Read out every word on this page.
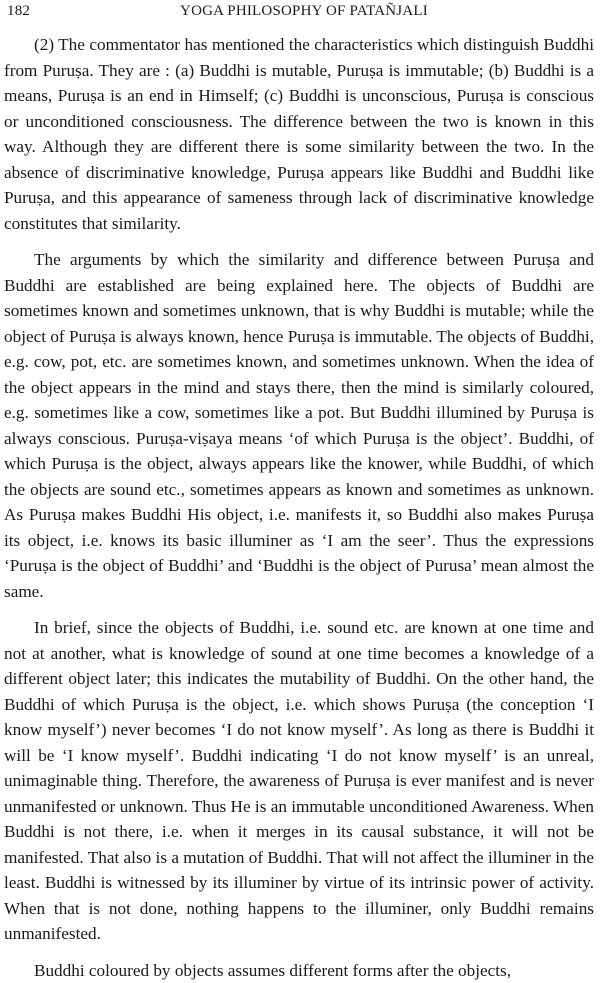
182	YOGA PHILOSOPHY OF PATAÑJALI

(2) The commentator has mentioned the characteristics which distinguish Buddhi from Puruṣa. They are : (a) Buddhi is mutable, Puruṣa is immutable; (b) Buddhi is a means, Puruṣa is an end in Himself; (c) Buddhi is unconscious, Puruṣa is conscious or unconditioned consciousness. The difference between the two is known in this way. Although they are different there is some similarity between the two. In the absence of discriminative knowledge, Puruṣa appears like Buddhi and Buddhi like Puruṣa, and this appearance of sameness through lack of discriminative knowledge constitutes that similarity.

The arguments by which the similarity and difference between Puruṣa and Buddhi are established are being explained here. The objects of Buddhi are sometimes known and sometimes unknown, that is why Buddhi is mutable; while the object of Puruṣa is always known, hence Puruṣa is immutable. The objects of Buddhi, e.g. cow, pot, etc. are sometimes known, and sometimes unknown. When the idea of the object appears in the mind and stays there, then the mind is similarly coloured, e.g. sometimes like a cow, sometimes like a pot. But Buddhi illumined by Puruṣa is always conscious. Puruṣa-viṣaya means ‘of which Puruṣa is the object’. Buddhi, of which Puruṣa is the object, always appears like the knower, while Buddhi, of which the objects are sound etc., sometimes appears as known and sometimes as unknown. As Puruṣa makes Buddhi His object, i.e. manifests it, so Buddhi also makes Puruṣa its object, i.e. knows its basic illuminer as ‘I am the seer’. Thus the expressions ‘Puruṣa is the object of Buddhi’ and ‘Buddhi is the object of Purusa’ mean almost the same.

In brief, since the objects of Buddhi, i.e. sound etc. are known at one time and not at another, what is knowledge of sound at one time becomes a knowledge of a different object later; this indicates the mutability of Buddhi. On the other hand, the Buddhi of which Puruṣa is the object, i.e. which shows Puruṣa (the conception ‘I know myself’) never becomes ‘I do not know myself’. As long as there is Buddhi it will be ‘I know myself’. Buddhi indicating ‘I do not know myself’ is an unreal, unimaginable thing. Therefore, the awareness of Puruṣa is ever manifest and is never unmanifested or unknown. Thus He is an immutable unconditioned Awareness. When Buddhi is not there, i.e. when it merges in its causal substance, it will not be manifested. That also is a mutation of Buddhi. That will not affect the illuminer in the least. Buddhi is witnessed by its illuminer by virtue of its intrinsic power of activity. When that is not done, nothing happens to the illuminer, only Buddhi remains unmanifested.

Buddhi coloured by objects assumes different forms after the objects,
